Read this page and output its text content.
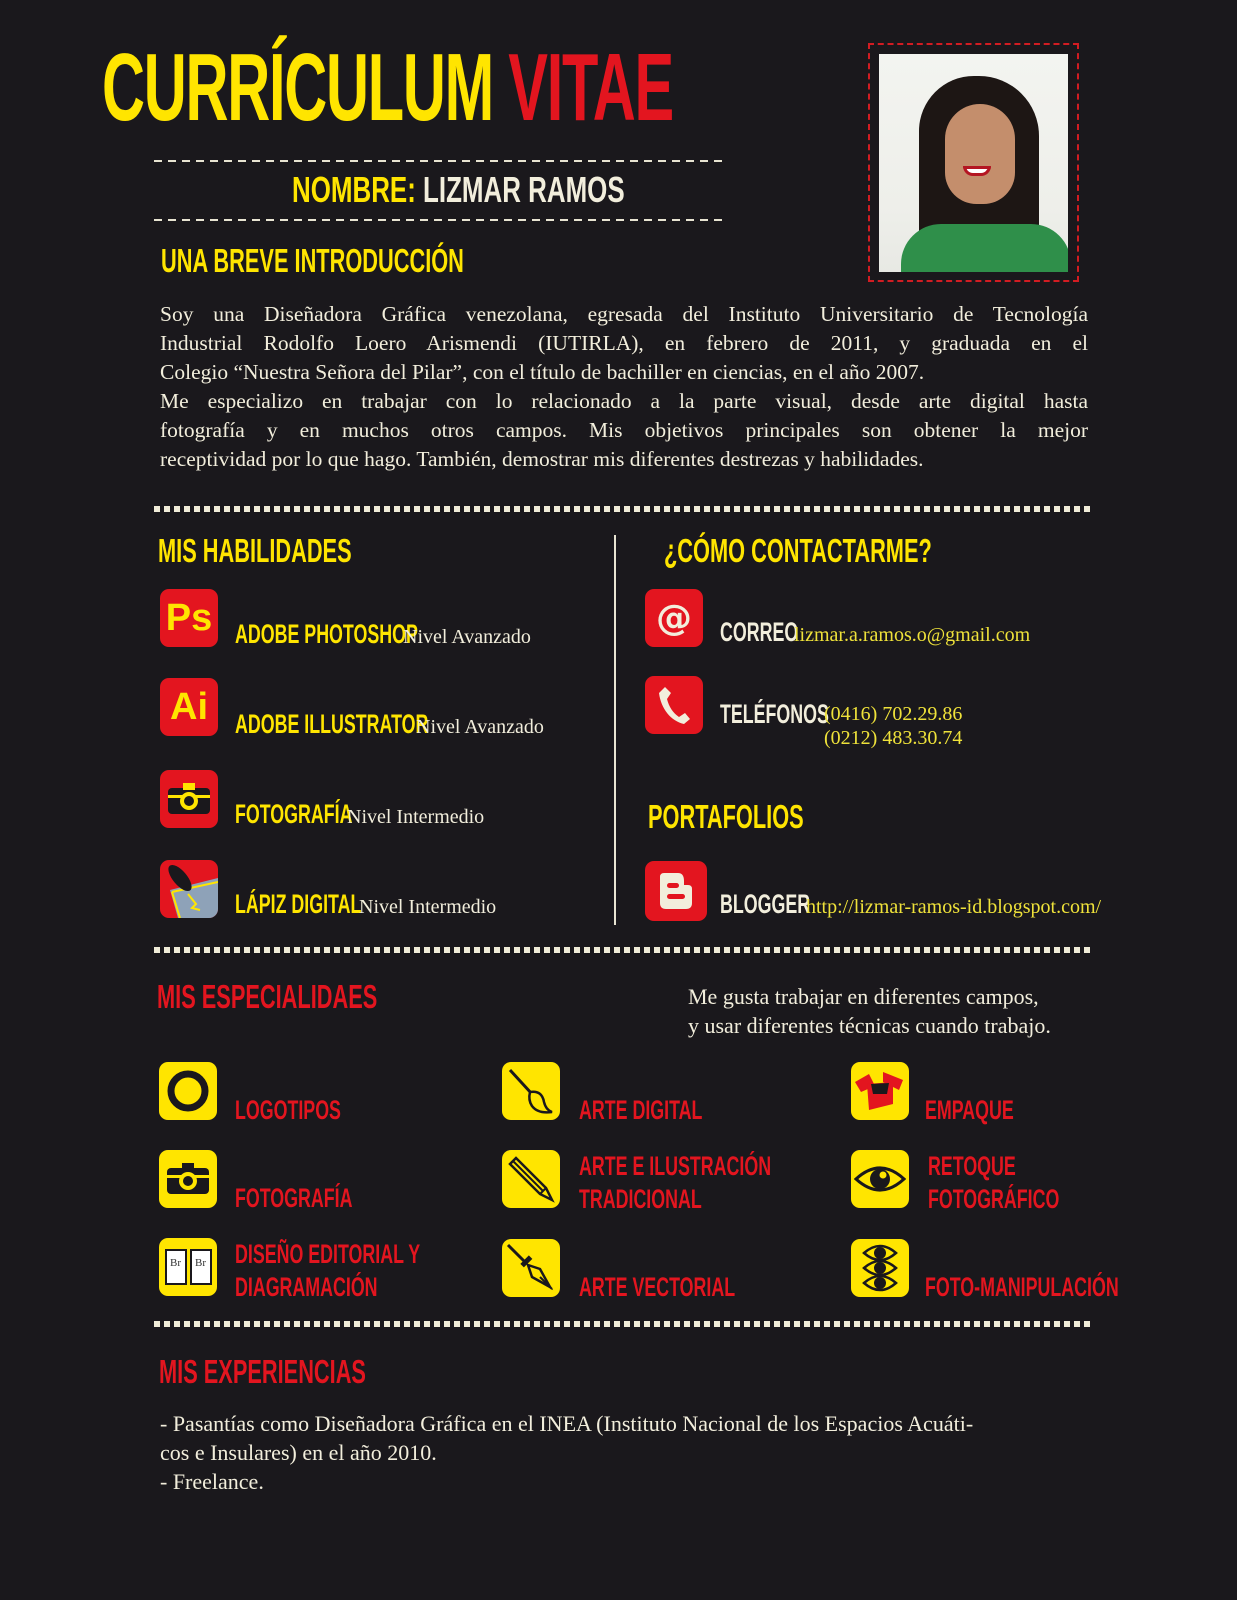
CURRÍCULUM VITAE
NOMBRE: LIZMAR RAMOS
UNA BREVE INTRODUCCIÓN
Soy una Diseñadora Gráfica venezolana, egresada del Instituto Universitario de Tecnología
Industrial Rodolfo Loero Arismendi (IUTIRLA), en febrero de 2011, y graduada en el
Colegio “Nuestra Señora del Pilar”, con el título de bachiller en ciencias, en el año 2007.
Me especializo en trabajar con lo relacionado a la parte visual, desde arte digital hasta
fotografía y en muchos otros campos. Mis objetivos principales son obtener la mejor
receptividad por lo que hago. También, demostrar mis diferentes destrezas y habilidades.
MIS HABILIDADES
Ps ADOBE PHOTOSHOP
Nivel Avanzado
Ai ADOBE ILLUSTRATOR
Nivel Avanzado
FOTOGRAFÍA
Nivel Intermedio
LÁPIZ DIGITAL
Nivel Intermedio
¿CÓMO CONTACTARME?
@ CORREO
lizmar.a.ramos.o@gmail.com
TELÉFONOS
(0416) 702.29.86
(0212) 483.30.74
PORTAFOLIOS
BLOGGER
http://lizmar-ramos-id.blogspot.com/
MIS ESPECIALIDAES	Me gusta trabajar en diferentes campos,
y usar diferentes técnicas cuando trabajo.
LOGOTIPOS
FOTOGRAFÍA
Br	Br DISEÑO EDITORIAL Y
DIAGRAMACIÓN
ARTE DIGITAL
ARTE E ILUSTRACIÓN
TRADICIONAL
ARTE VECTORIAL
EMPAQUE
RETOQUE
FOTOGRÁFICO
FOTO-MANIPULACIÓN
MIS EXPERIENCIAS
- Pasantías como Diseñadora Gráfica en el INEA (Instituto Nacional de los Espacios Acuáti-
cos e Insulares) en el año 2010.
- Freelance.
